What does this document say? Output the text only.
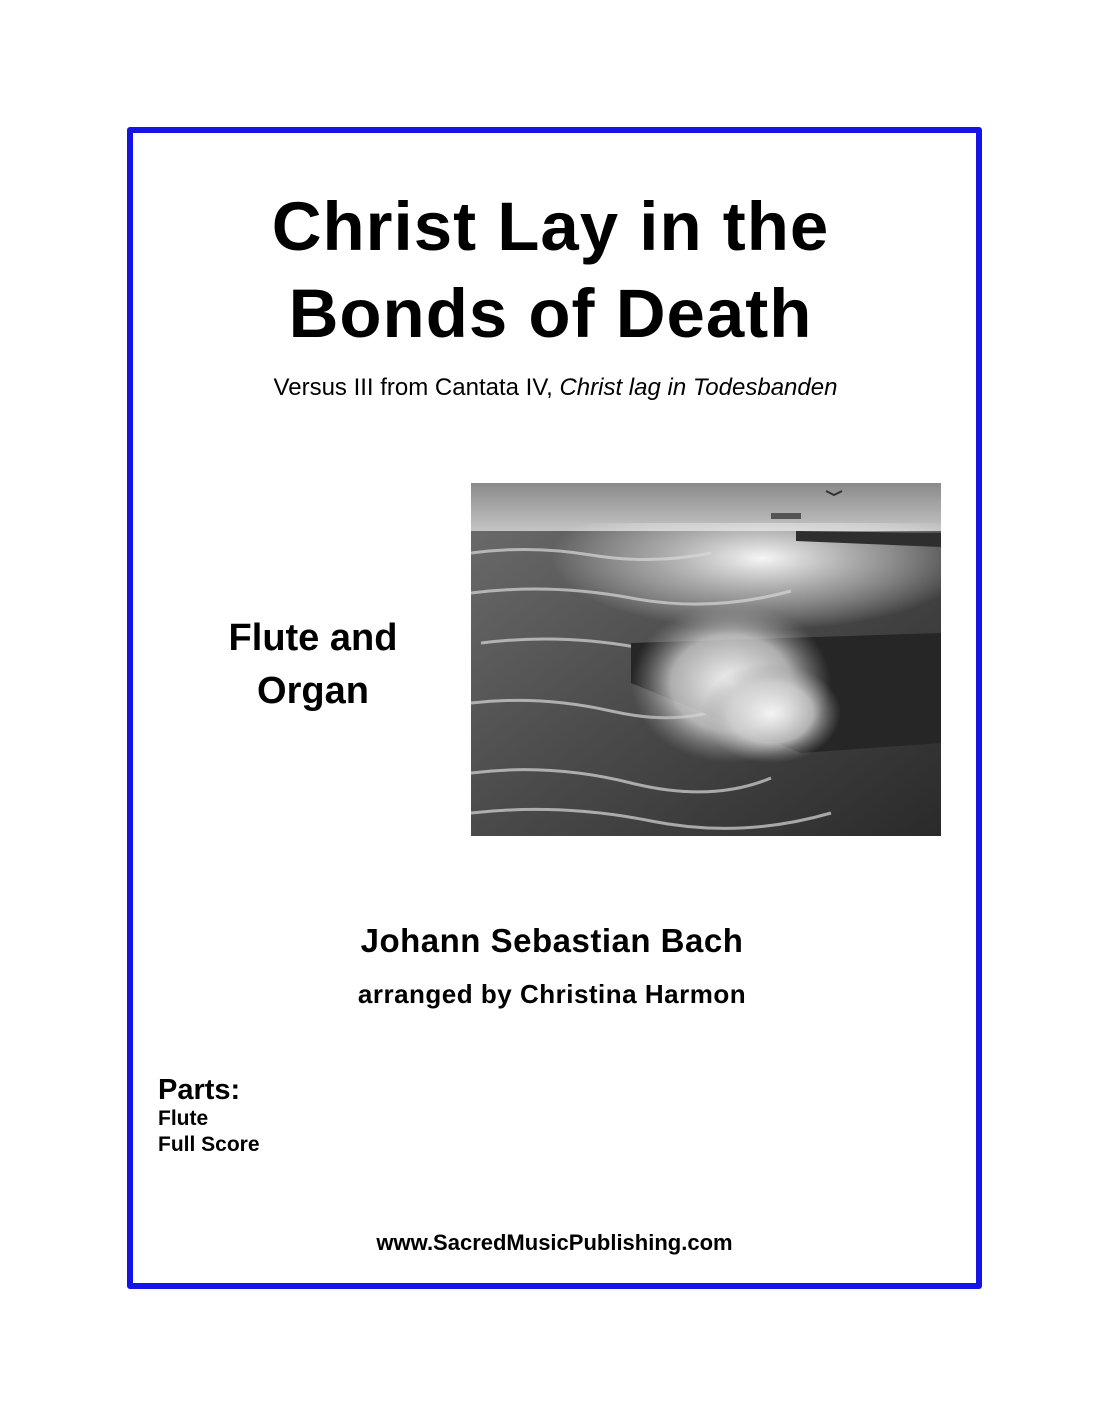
Christ Lay in the
Bonds of Death
Versus III from Cantata IV, Christ lag in Todesbanden
Flute and
Organ
Johann Sebastian Bach
arranged by Christina Harmon
Parts:
Flute
Full Score
www.SacredMusicPublishing.com
